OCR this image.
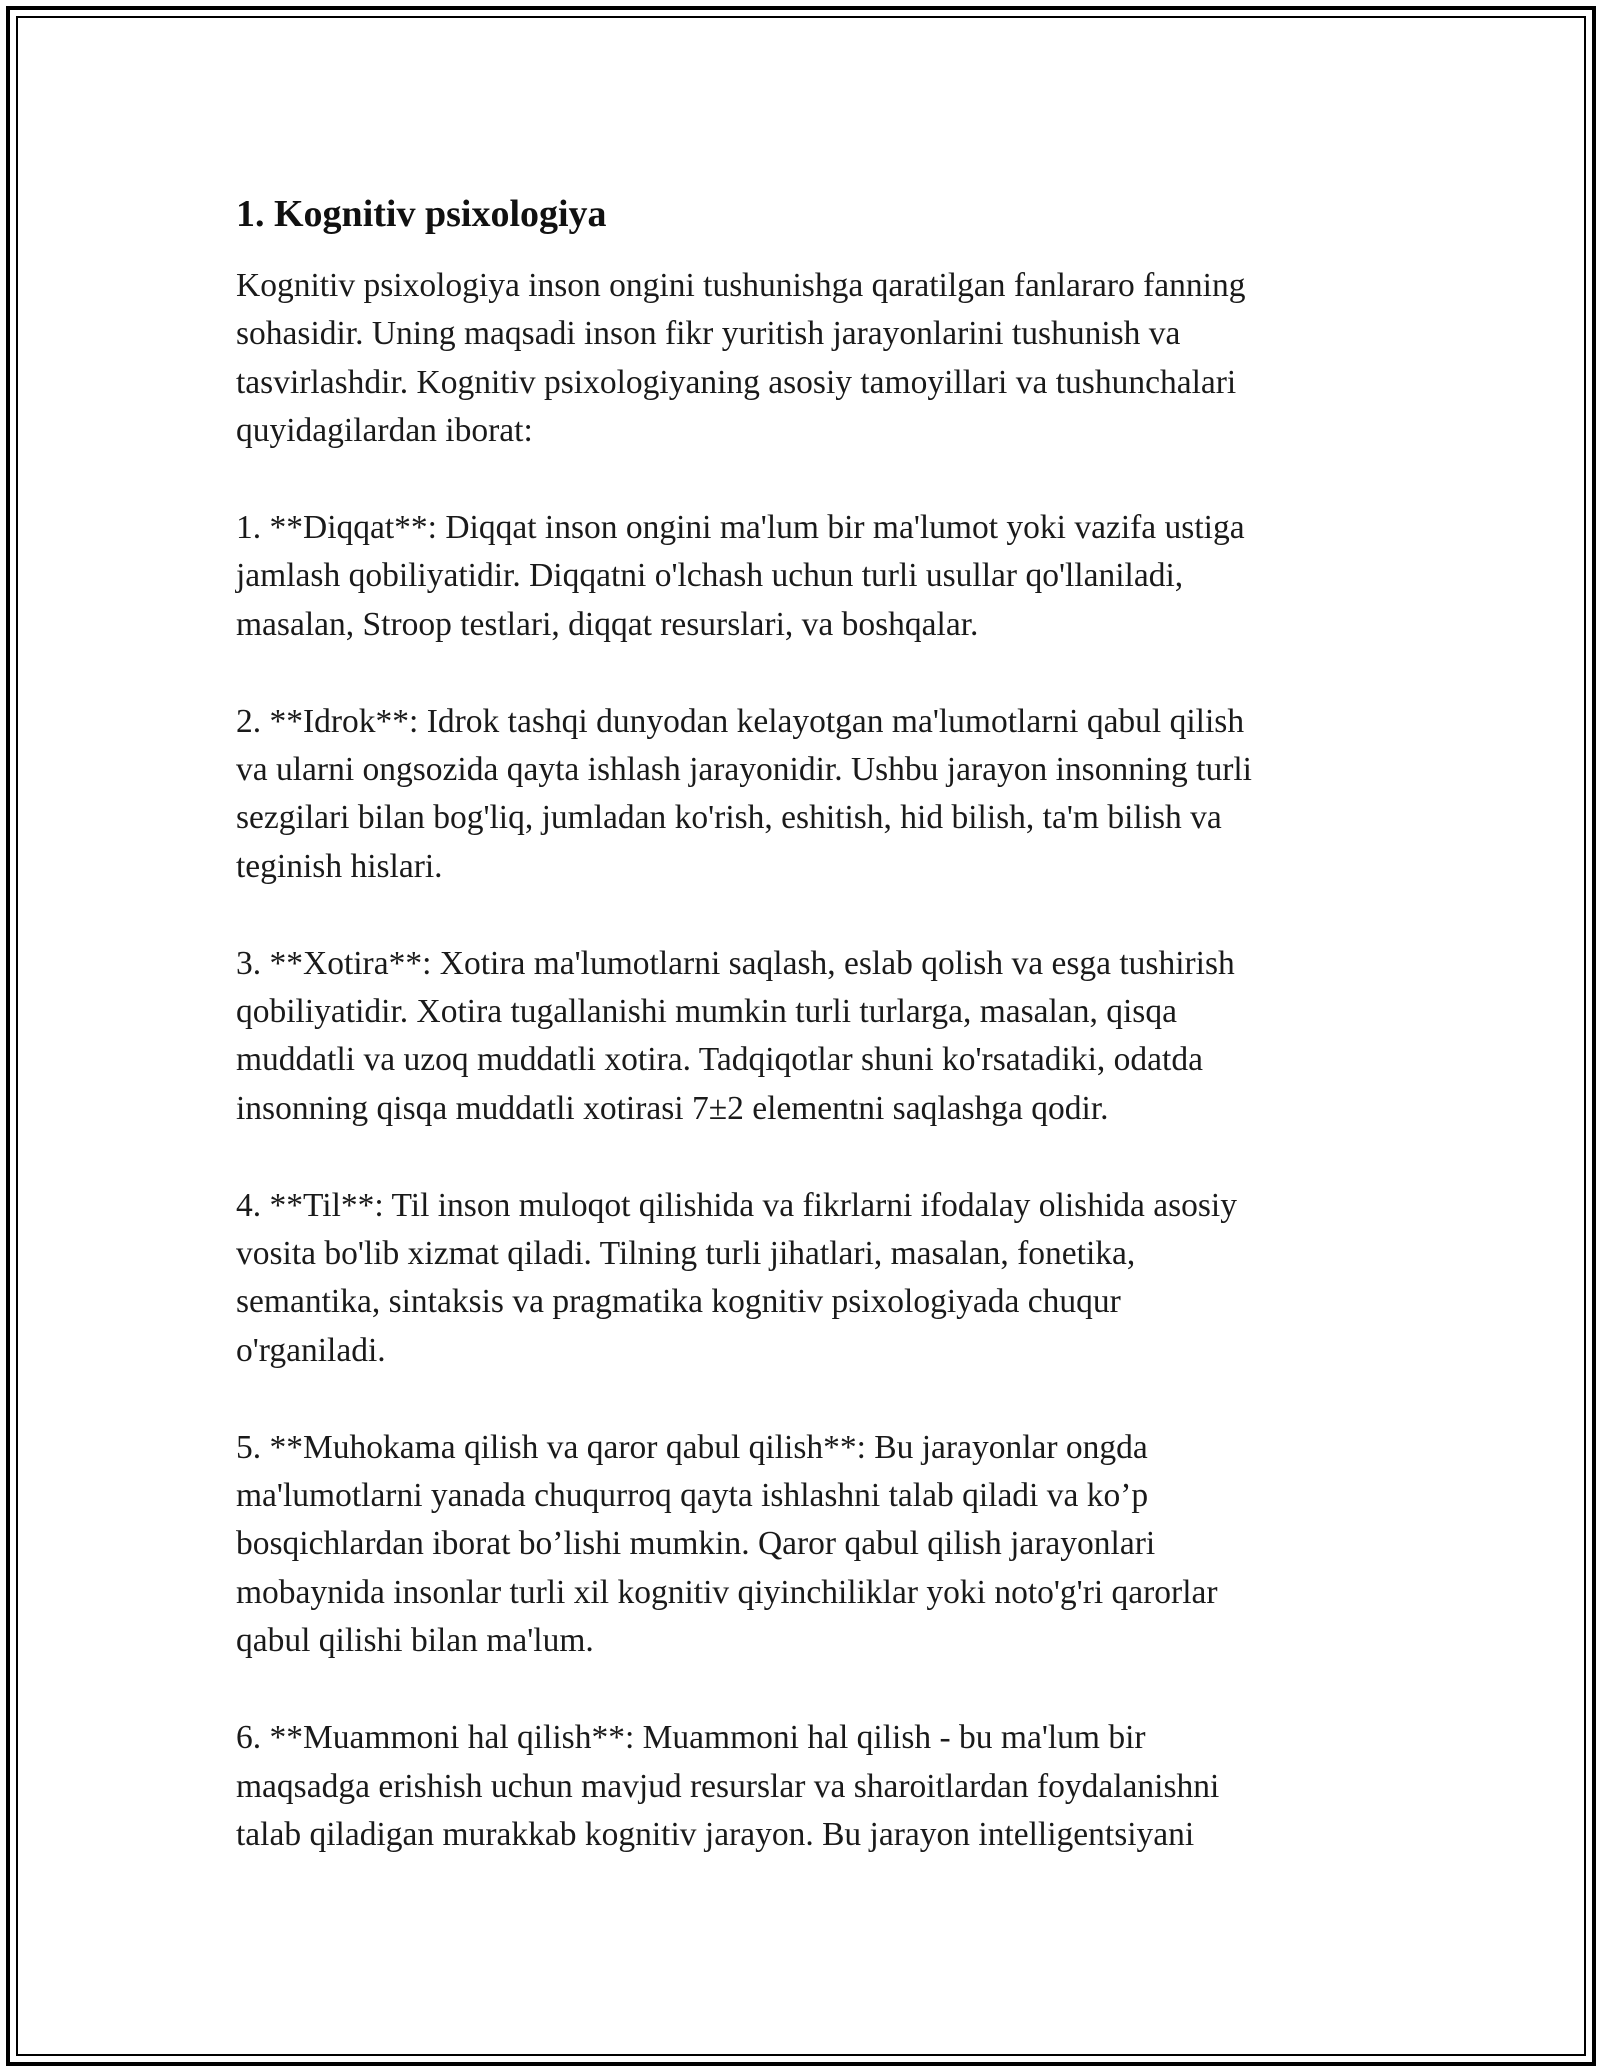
1. Kognitiv psixologiya
Kognitiv psixologiya inson ongini tushunishga qaratilgan fanlararo fanning
sohasidir. Uning maqsadi inson fikr yuritish jarayonlarini tushunish va
tasvirlashdir. Kognitiv psixologiyaning asosiy tamoyillari va tushunchalari
quyidagilardan iborat:
1. **Diqqat**: Diqqat inson ongini ma'lum bir ma'lumot yoki vazifa ustiga
jamlash qobiliyatidir. Diqqatni o'lchash uchun turli usullar qo'llaniladi,
masalan, Stroop testlari, diqqat resurslari, va boshqalar.
2. **Idrok**: Idrok tashqi dunyodan kelayotgan ma'lumotlarni qabul qilish
va ularni ongsozida qayta ishlash jarayonidir. Ushbu jarayon insonning turli
sezgilari bilan bog'liq, jumladan ko'rish, eshitish, hid bilish, ta'm bilish va
teginish hislari.
3. **Xotira**: Xotira ma'lumotlarni saqlash, eslab qolish va esga tushirish
qobiliyatidir. Xotira tugallanishi mumkin turli turlarga, masalan, qisqa
muddatli va uzoq muddatli xotira. Tadqiqotlar shuni ko'rsatadiki, odatda
insonning qisqa muddatli xotirasi 7±2 elementni saqlashga qodir.
4. **Til**: Til inson muloqot qilishida va fikrlarni ifodalay olishida asosiy
vosita bo'lib xizmat qiladi. Tilning turli jihatlari, masalan, fonetika,
semantika, sintaksis va pragmatika kognitiv psixologiyada chuqur
o'rganiladi.
5. **Muhokama qilish va qaror qabul qilish**: Bu jarayonlar ongda
ma'lumotlarni yanada chuqurroq qayta ishlashni talab qiladi va ko’p
bosqichlardan iborat bo’lishi mumkin. Qaror qabul qilish jarayonlari
mobaynida insonlar turli xil kognitiv qiyinchiliklar yoki noto'g'ri qarorlar
qabul qilishi bilan ma'lum.
6. **Muammoni hal qilish**: Muammoni hal qilish - bu ma'lum bir
maqsadga erishish uchun mavjud resurslar va sharoitlardan foydalanishni
talab qiladigan murakkab kognitiv jarayon. Bu jarayon intelligentsiyani
